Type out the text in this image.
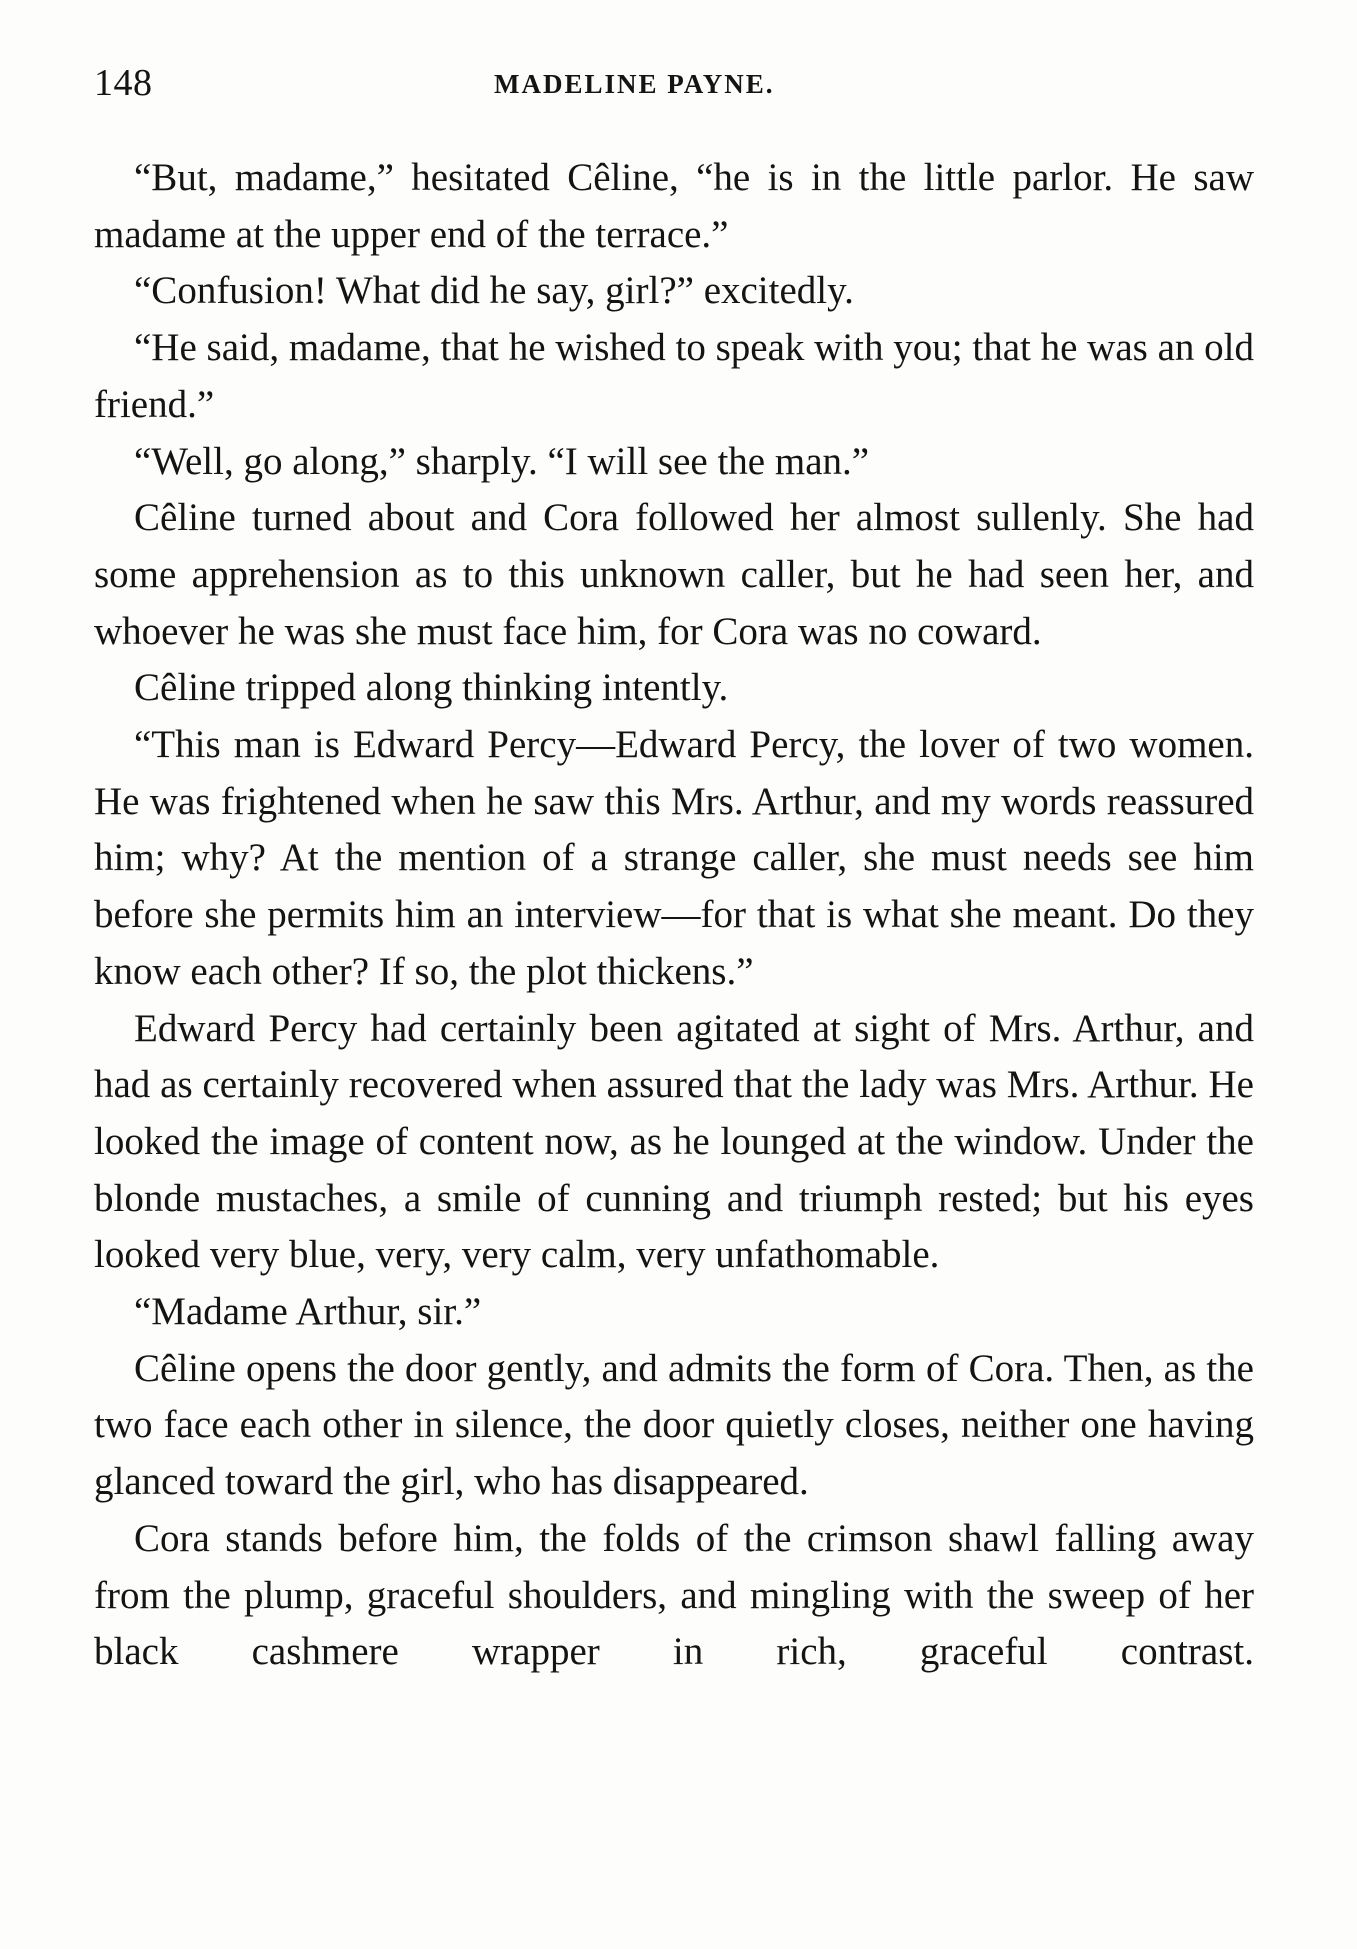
148	MADELINE PAYNE.

“But, madame,” hesitated Cêline, “he is in the little parlor. He saw madame at the upper end of the terrace.”

“Confusion! What did he say, girl?” excitedly.

“He said, madame, that he wished to speak with you; that he was an old friend.”

“Well, go along,” sharply. “I will see the man.”

Cêline turned about and Cora followed her almost sullenly. She had some apprehension as to this unknown caller, but he had seen her, and whoever he was she must face him, for Cora was no coward.

Cêline tripped along thinking intently.

“This man is Edward Percy—Edward Percy, the lover of two women. He was frightened when he saw this Mrs. Arthur, and my words reassured him; why? At the mention of a strange caller, she must needs see him before she permits him an interview—for that is what she meant. Do they know each other? If so, the plot thickens.”

Edward Percy had certainly been agitated at sight of Mrs. Arthur, and had as certainly recovered when assured that the lady was Mrs. Arthur. He looked the image of content now, as he lounged at the window. Under the blonde mustaches, a smile of cunning and triumph rested; but his eyes looked very blue, very, very calm, very unfathomable.

“Madame Arthur, sir.”

Cêline opens the door gently, and admits the form of Cora. Then, as the two face each other in silence, the door quietly closes, neither one having glanced toward the girl, who has disappeared.

Cora stands before him, the folds of the crimson shawl falling away from the plump, graceful shoulders, and mingling with the sweep of her black cashmere wrapper in rich, graceful contrast.
